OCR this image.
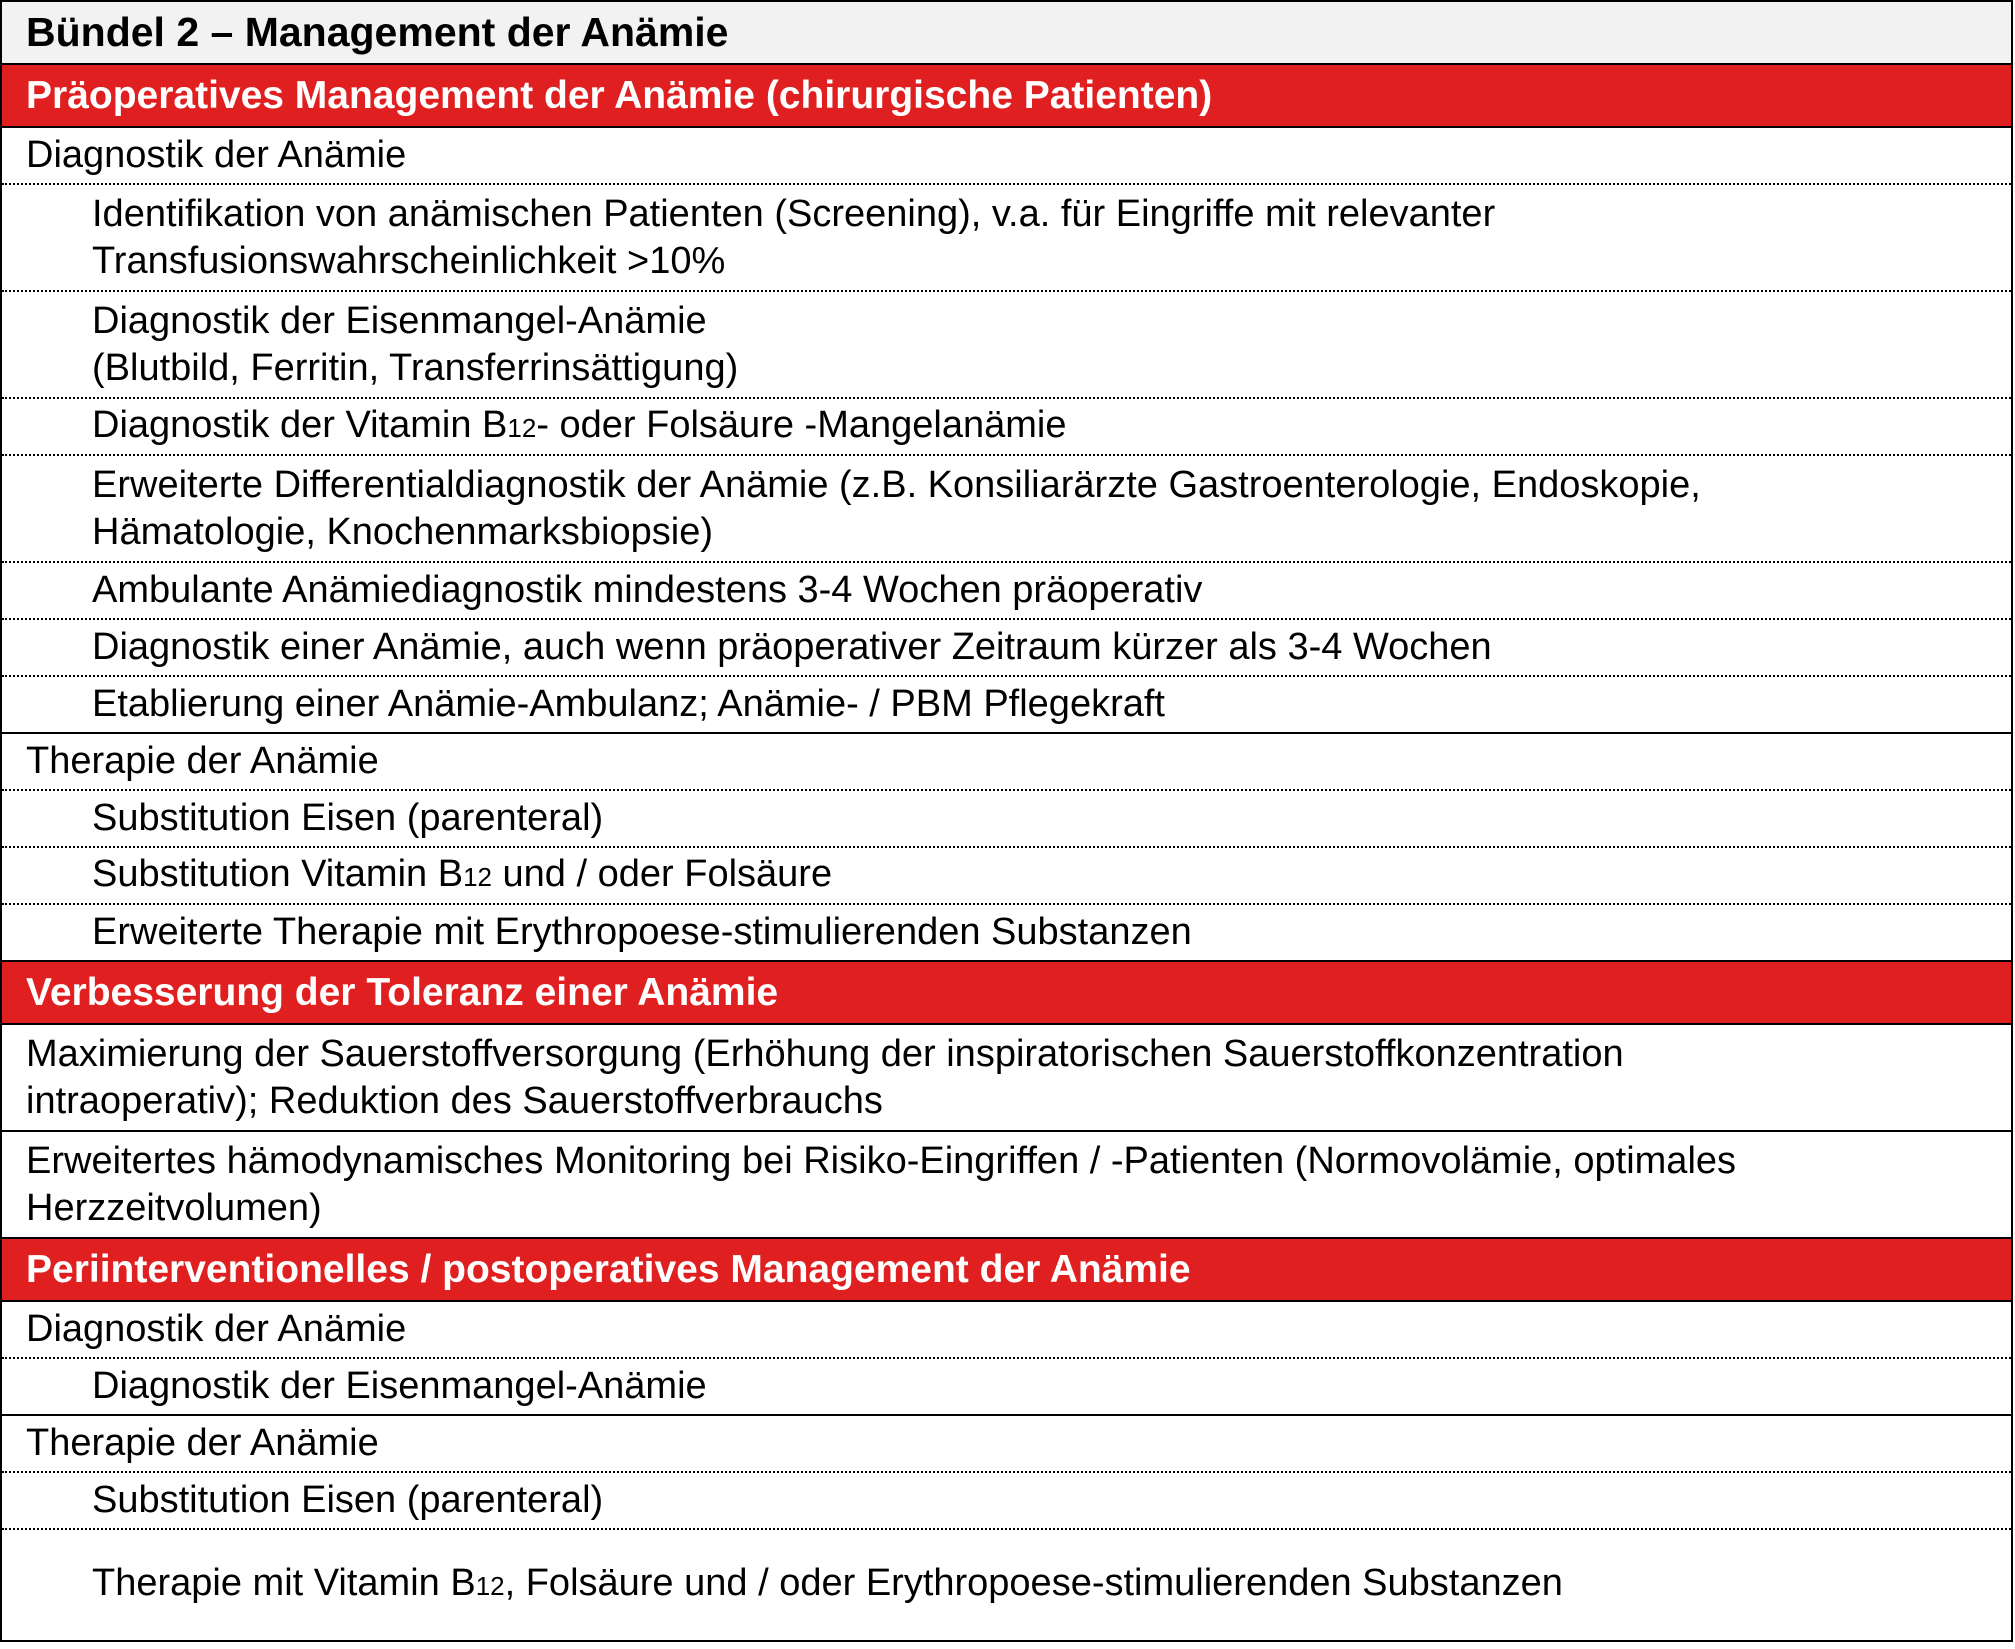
Bündel 2 – Management der Anämie
Präoperatives Management der Anämie (chirurgische Patienten)
Diagnostik der Anämie
Identifikation von anämischen Patienten (Screening), v.a. für Eingriffe mit relevanter
Transfusionswahrscheinlichkeit >10%
Diagnostik der Eisenmangel-Anämie
(Blutbild, Ferritin, Transferrinsättigung)
Diagnostik der Vitamin B12- oder Folsäure -Mangelanämie
Erweiterte Differentialdiagnostik der Anämie (z.B. Konsiliarärzte Gastroenterologie, Endoskopie,
Hämatologie, Knochenmarksbiopsie)
Ambulante Anämiediagnostik mindestens 3-4 Wochen präoperativ
Diagnostik einer Anämie, auch wenn präoperativer Zeitraum kürzer als 3-4 Wochen
Etablierung einer Anämie-Ambulanz; Anämie- / PBM Pflegekraft
Therapie der Anämie
Substitution Eisen (parenteral)
Substitution Vitamin B12 und / oder Folsäure
Erweiterte Therapie mit Erythropoese-stimulierenden Substanzen
Verbesserung der Toleranz einer Anämie
Maximierung der Sauerstoffversorgung (Erhöhung der inspiratorischen Sauerstoffkonzentration
intraoperativ); Reduktion des Sauerstoffverbrauchs
Erweitertes hämodynamisches Monitoring bei Risiko-Eingriffen / -Patienten (Normovolämie, optimales
Herzzeitvolumen)
Periinterventionelles / postoperatives Management der Anämie
Diagnostik der Anämie
Diagnostik der Eisenmangel-Anämie
Therapie der Anämie
Substitution Eisen (parenteral)
Therapie mit Vitamin B12, Folsäure und / oder Erythropoese-stimulierenden Substanzen
